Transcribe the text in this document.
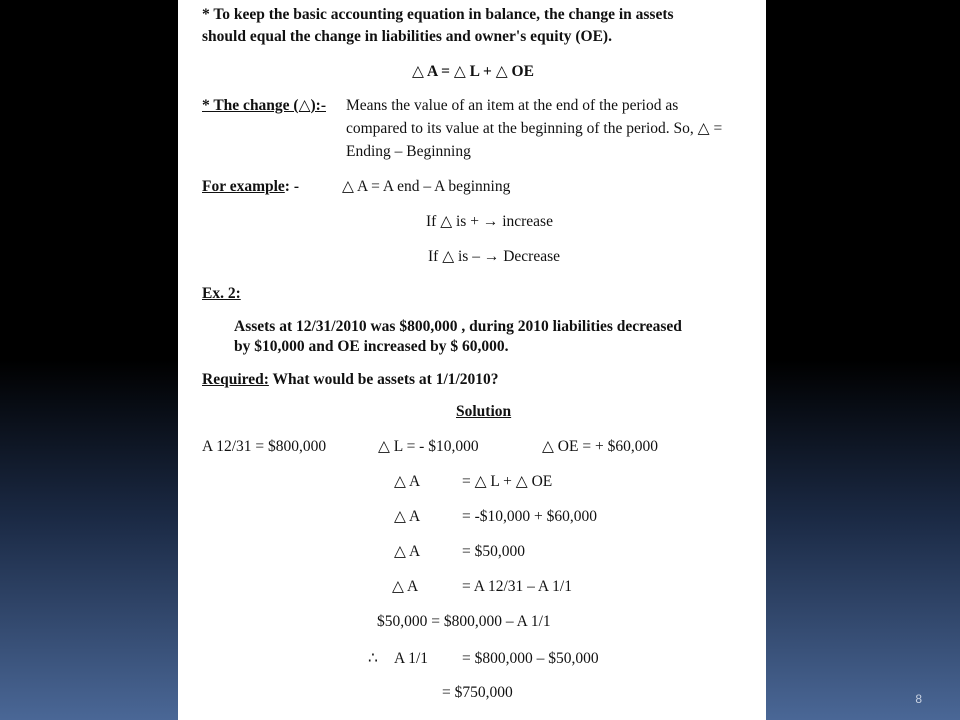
* To keep the basic accounting equation in balance, the change in assets
should equal the change in liabilities and owner's equity (OE).
△ A = △ L + △ OE
* The change (△):- Means the value of an item at the end of the period as
compared to its value at the beginning of the period. So, △ =
Ending – Beginning
For example: -	△ A = A end – A beginning
If △ is + → increase
If △ is – → Decrease
Ex. 2:
Assets at 12/31/2010 was $800,000 , during 2010 liabilities decreased
by $10,000 and OE increased by $ 60,000.
Required: What would be assets at 1/1/2010?
Solution
A 12/31 = $800,000	△ L = - $10,000	△ OE = + $60,000
△ A	= △ L + △ OE
△ A	= -$10,000 + $60,000
△ A	= $50,000
△ A	= A 12/31 – A 1/1
$50,000 = $800,000 – A 1/1
∴ A 1/1 = $800,000 – $50,000
= $750,000	8
